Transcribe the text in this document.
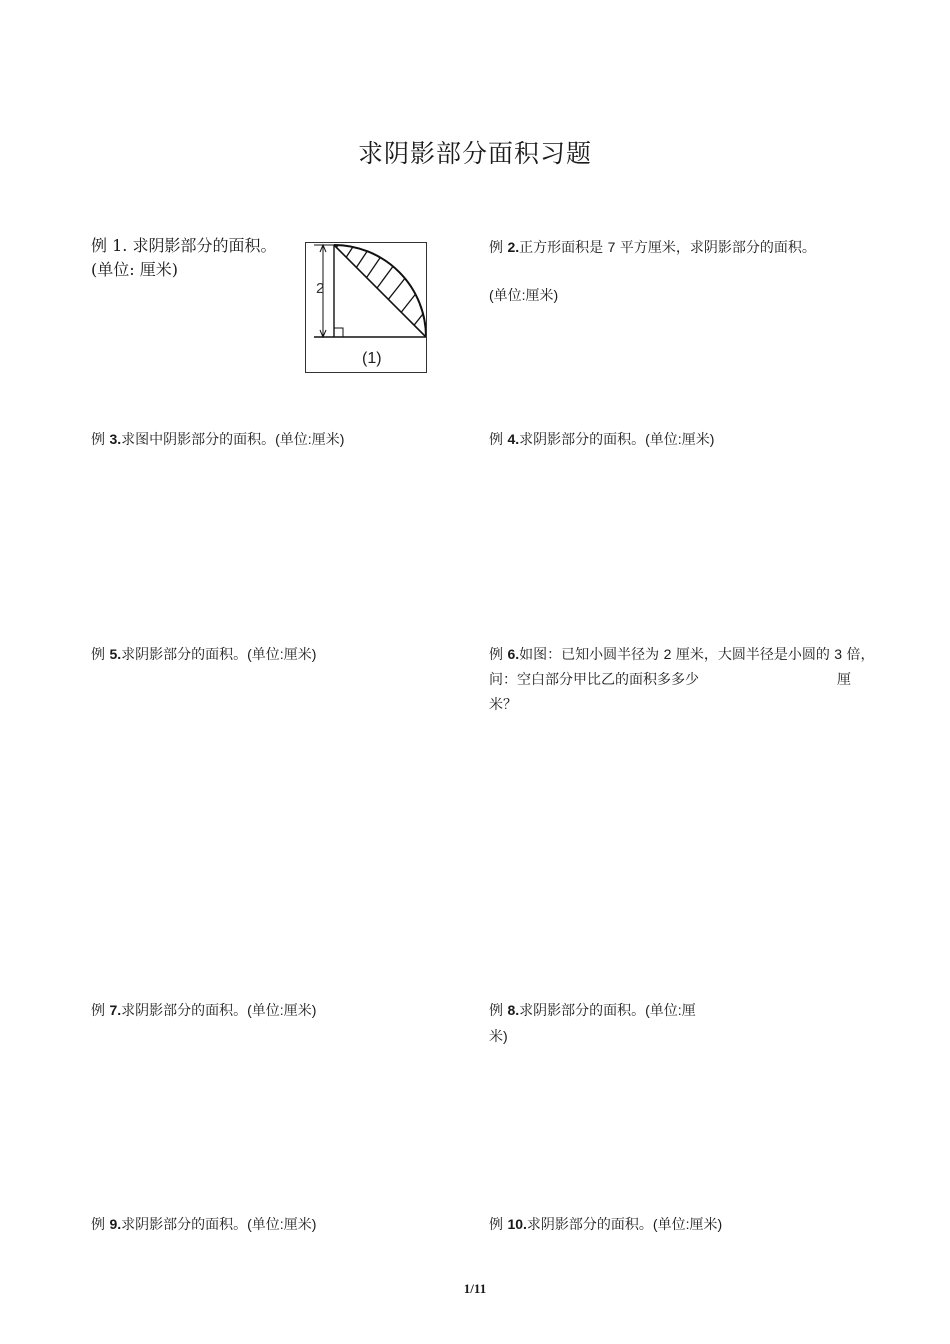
求阴影部分面积习题
例 1. 求阴影部分的面积。
(单位: 厘米)
2
(1)
例 2.正方形面积是 7 平方厘米，求阴影部分的面积。
(单位:厘米)
例 3.求图中阴影部分的面积。(单位:厘米)	例 4.求阴影部分的面积。(单位:厘米)
例 5.求阴影部分的面积。(单位:厘米)	例 6.如图：已知小圆半径为 2 厘米，大圆半径是小圆的 3 倍，
问：空白部分甲比乙的面积多多少	厘
米？
例 7.求阴影部分的面积。(单位:厘米)	例 8.求阴影部分的面积。(单位:厘
米)
例 9.求阴影部分的面积。(单位:厘米)	例 10.求阴影部分的面积。(单位:厘米)
1/11
